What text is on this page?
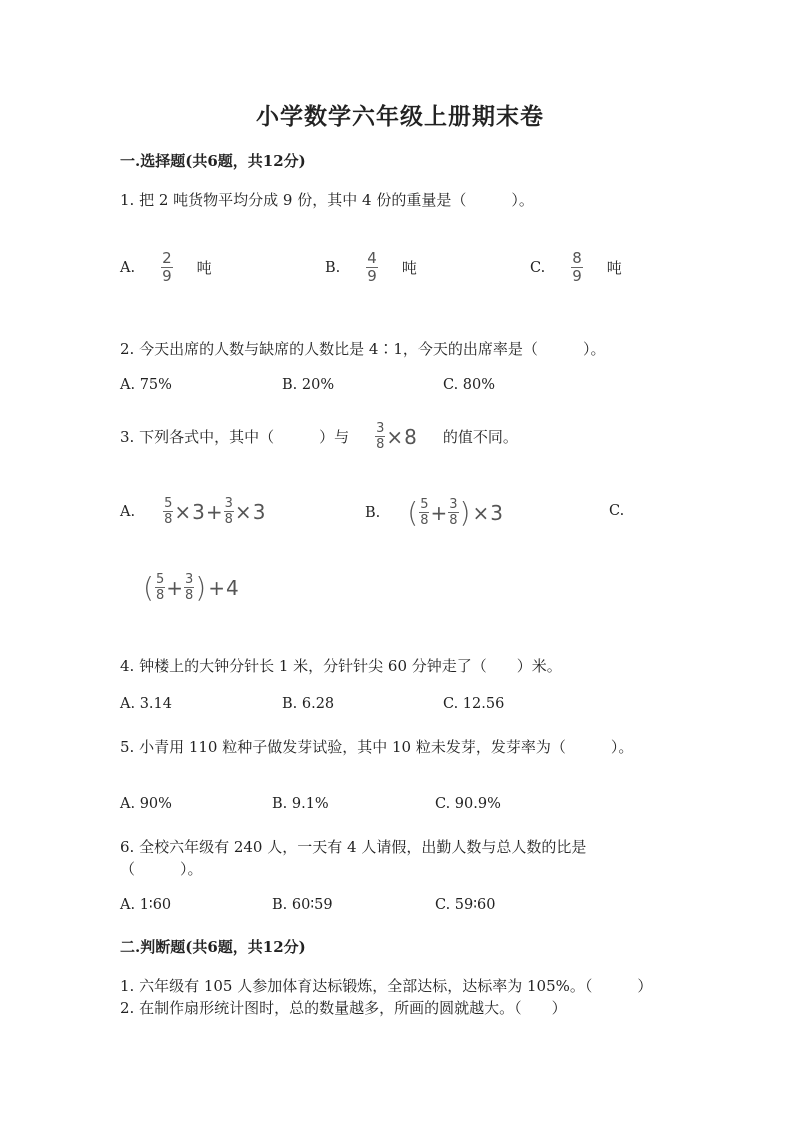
小学数学六年级上册期末卷
一.选择题(共6题，共12分)
1. 把 2 吨货物平均分成 9 份，其中 4 份的重量是（　　　）。
A. $\frac{2}{9}$ 吨	B. $\frac{4}{9}$ 吨	C. $\frac{8}{9}$ 吨
2. 今天出席的人数与缺席的人数比是 4∶1，今天的出席率是（　　　）。
A. 75%	B. 20%	C. 80%
3. 下列各式中，其中（　　　）与 $\frac{3}{8} \times 8$ 的值不同。
A. $\frac{5}{8} \times 3 + \frac{3}{8} \times 3$	B. ( $\frac{5}{8} + \frac{3}{8}$ ) × 3	C.
( $\frac{5}{8} + \frac{3}{8}$ ) + 4
4. 钟楼上的大钟分针长 1 米，分针针尖 60 分钟走了（　　）米。
A. 3.14	B. 6.28	C. 12.56
5. 小青用 110 粒种子做发芽试验，其中 10 粒未发芽，发芽率为（　　　）。
A. 90%	B. 9.1%	C. 90.9%
6. 全校六年级有 240 人，一天有 4 人请假，出勤人数与总人数的比是
（　　　）。
A. 1∶60	B. 60∶59	C. 59∶60
二.判断题(共6题，共12分)
1. 六年级有 105 人参加体育达标锻炼，全部达标，达标率为 105%。（　　　）
2. 在制作扇形统计图时，总的数量越多，所画的圆就越大。（　　）
